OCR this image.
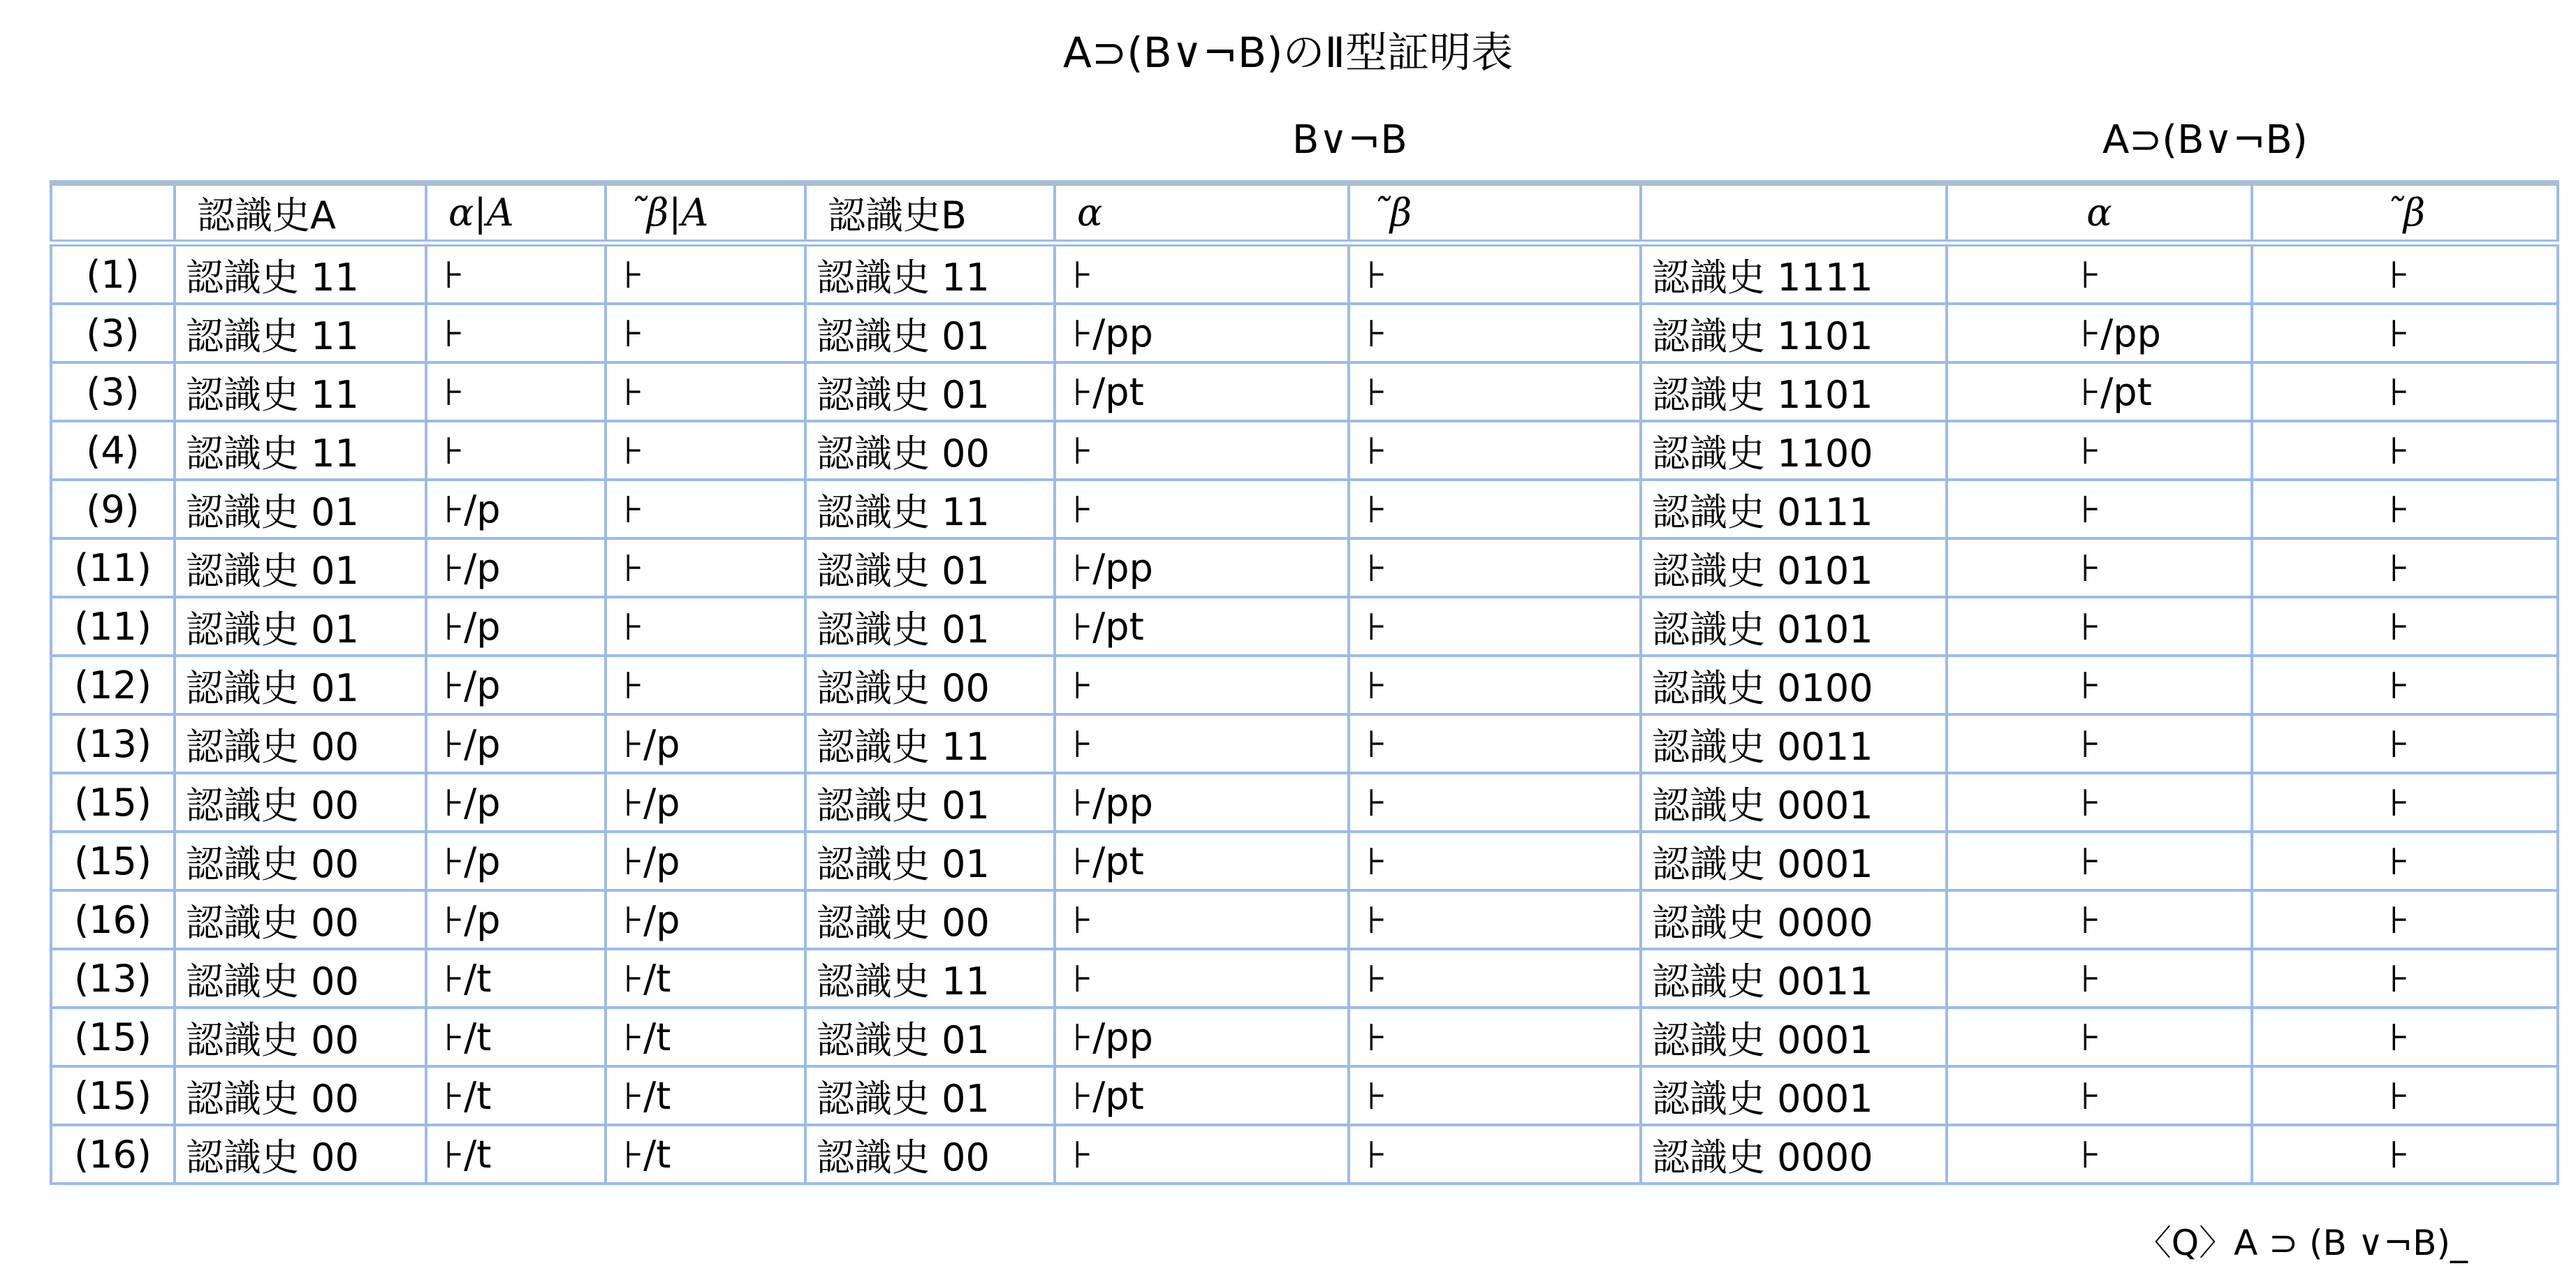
A⊃(B∨¬B)のⅡ型証明表
B∨¬B	A⊃(B∨¬B)
	認識史A	α|A	˜β|A	認識史B	α	˜β		α	˜β
(1)	認識史 11	⊦	⊦	認識史 11	⊦	⊦	認識史 1111	⊦	⊦
(3)	認識史 11	⊦	⊦	認識史 01	⊦/pp	⊦	認識史 1101	⊦/pp	⊦
(3)	認識史 11	⊦	⊦	認識史 01	⊦/pt	⊦	認識史 1101	⊦/pt	⊦
(4)	認識史 11	⊦	⊦	認識史 00	⊦	⊦	認識史 1100	⊦	⊦
(9)	認識史 01	⊦/p	⊦	認識史 11	⊦	⊦	認識史 0111	⊦	⊦
(11)	認識史 01	⊦/p	⊦	認識史 01	⊦/pp	⊦	認識史 0101	⊦	⊦
(11)	認識史 01	⊦/p	⊦	認識史 01	⊦/pt	⊦	認識史 0101	⊦	⊦
(12)	認識史 01	⊦/p	⊦	認識史 00	⊦	⊦	認識史 0100	⊦	⊦
(13)	認識史 00	⊦/p	⊦/p	認識史 11	⊦	⊦	認識史 0011	⊦	⊦
(15)	認識史 00	⊦/p	⊦/p	認識史 01	⊦/pp	⊦	認識史 0001	⊦	⊦
(15)	認識史 00	⊦/p	⊦/p	認識史 01	⊦/pt	⊦	認識史 0001	⊦	⊦
(16)	認識史 00	⊦/p	⊦/p	認識史 00	⊦	⊦	認識史 0000	⊦	⊦
(13)	認識史 00	⊦/t	⊦/t	認識史 11	⊦	⊦	認識史 0011	⊦	⊦
(15)	認識史 00	⊦/t	⊦/t	認識史 01	⊦/pp	⊦	認識史 0001	⊦	⊦
(15)	認識史 00	⊦/t	⊦/t	認識史 01	⊦/pt	⊦	認識史 0001	⊦	⊦
(16)	認識史 00	⊦/t	⊦/t	認識史 00	⊦	⊦	認識史 0000	⊦	⊦
〈Q〉A ⊃ (B ∨¬B)_
